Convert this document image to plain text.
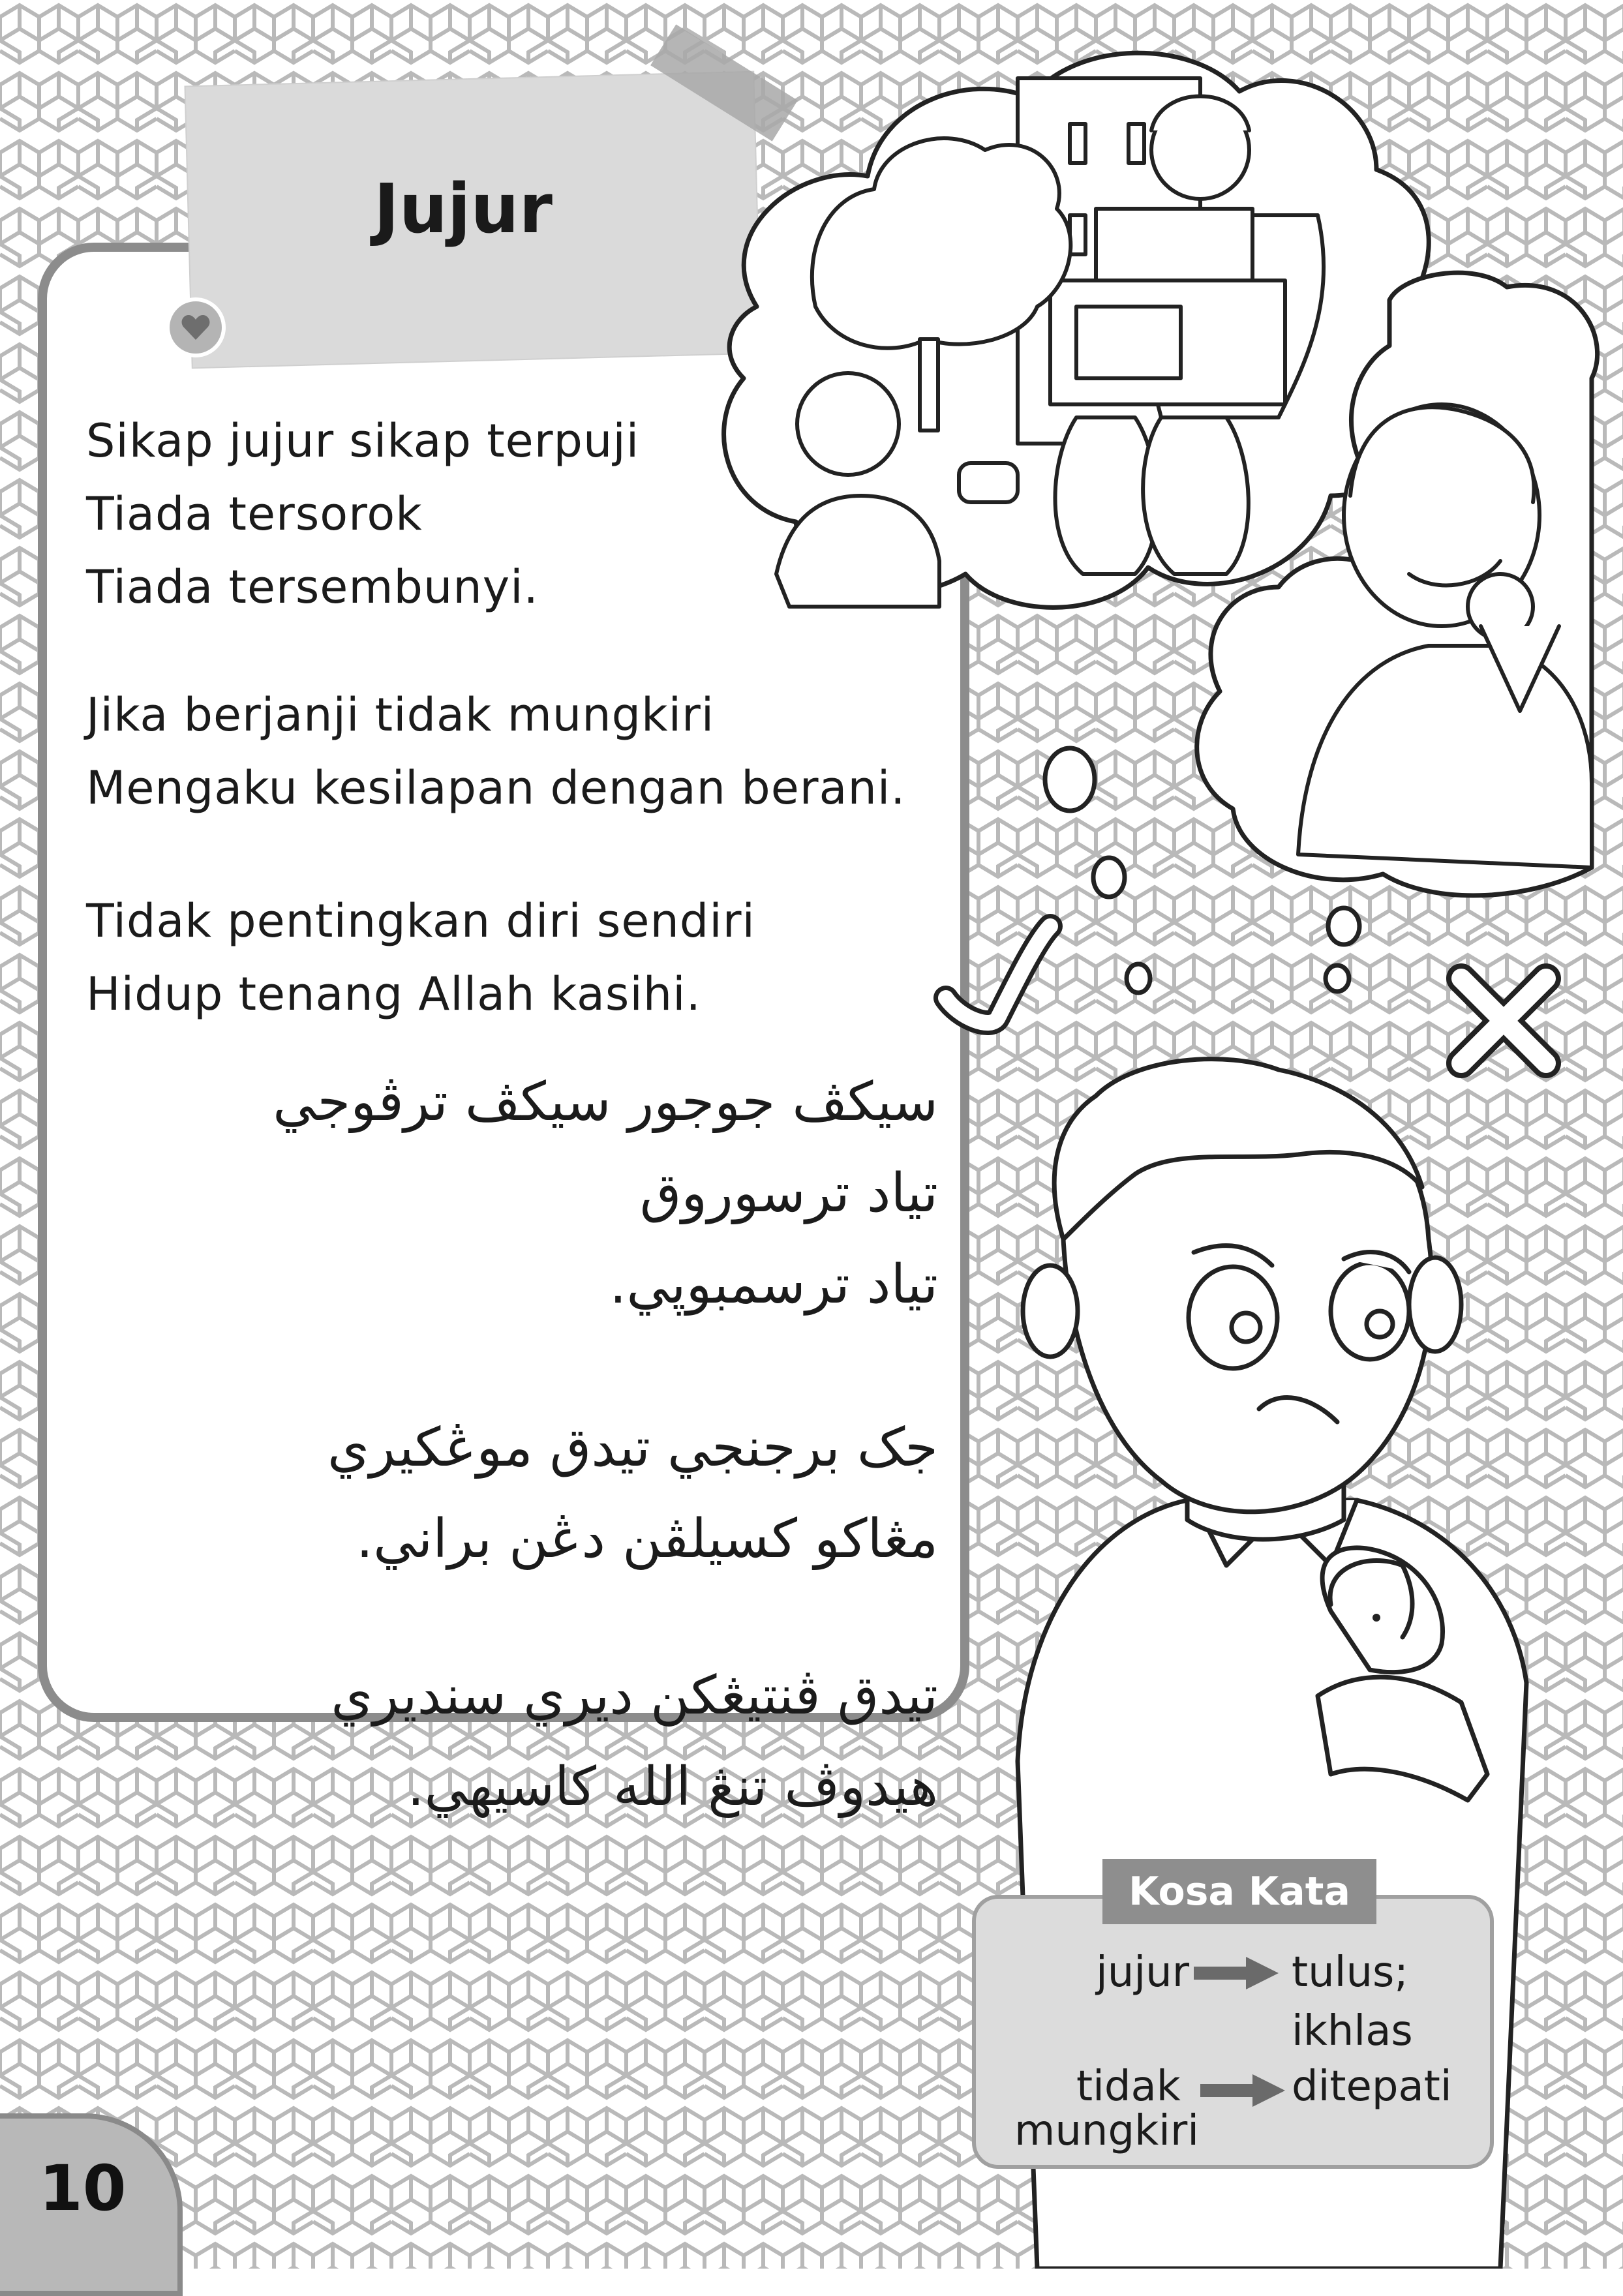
Jujur
Sikap jujur sikap terpuji
Tiada tersorok
Tiada tersembunyi.
Jika berjanji tidak mungkiri
Mengaku kesilapan dengan berani.
Tidak pentingkan diri sendiri
Hidup tenang Allah kasihi.
سيکڤ جوجور سيکڤ ترڤوجي
تياد ترسوروق
تياد ترسمبوڽي.
جک برجنجي تيدق موڠکيري
مڠاکو کسيلڤن دڠن براني.
تيدق ڤنتيڠکن ديري سنديري
هيدوڤ تنڠ الله کاسيهي.
10
Kosa Kata
jujur tulus;
ikhlas
tidak
mungkiri
ditepati
